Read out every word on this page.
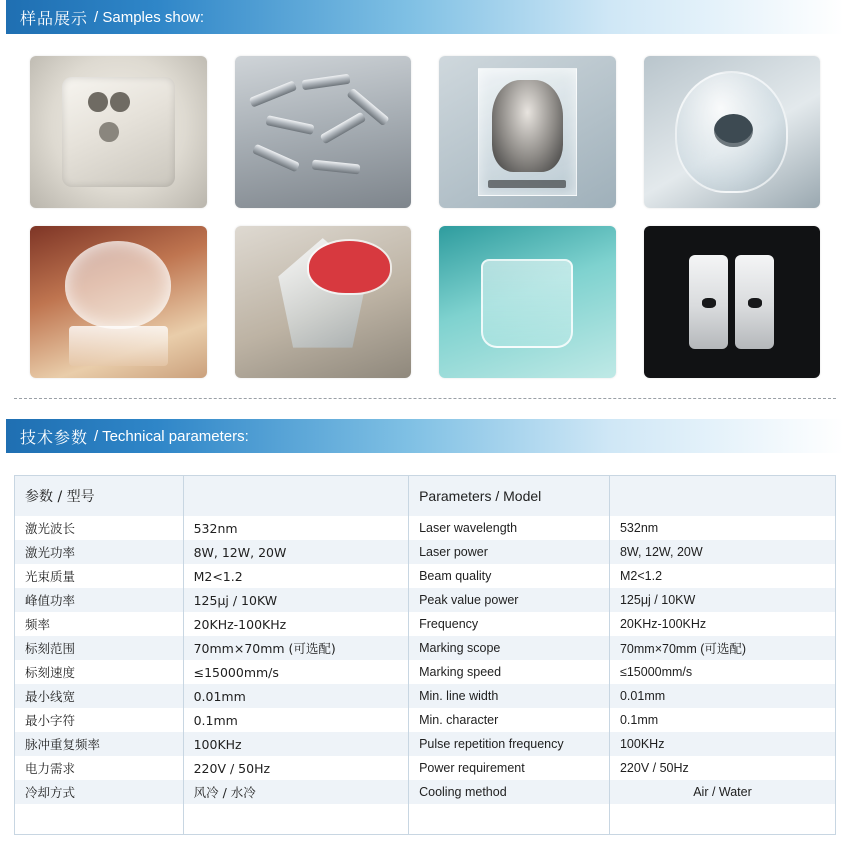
样品展示 / Samples show:
技术参数 / Technical parameters:
参数 / 型号		Parameters / Model	
激光波长	532nm	Laser wavelength	532nm
激光功率	8W, 12W, 20W	Laser power	8W, 12W, 20W
光束质量	M2<1.2	Beam quality	M2<1.2
峰值功率	125μj / 10KW	Peak value power	125μj / 10KW
频率	20KHz-100KHz	Frequency	20KHz-100KHz
标刻范围	70mm×70mm (可选配)	Marking scope	70mm×70mm (可选配)
标刻速度	≤15000mm/s	Marking speed	≤15000mm/s
最小线宽	0.01mm	Min. line width	0.01mm
最小字符	0.1mm	Min. character	0.1mm
脉冲重复频率	100KHz	Pulse repetition frequency	100KHz
电力需求	220V / 50Hz	Power requirement	220V / 50Hz
冷却方式	风冷 / 水冷	Cooling method	Air / Water
